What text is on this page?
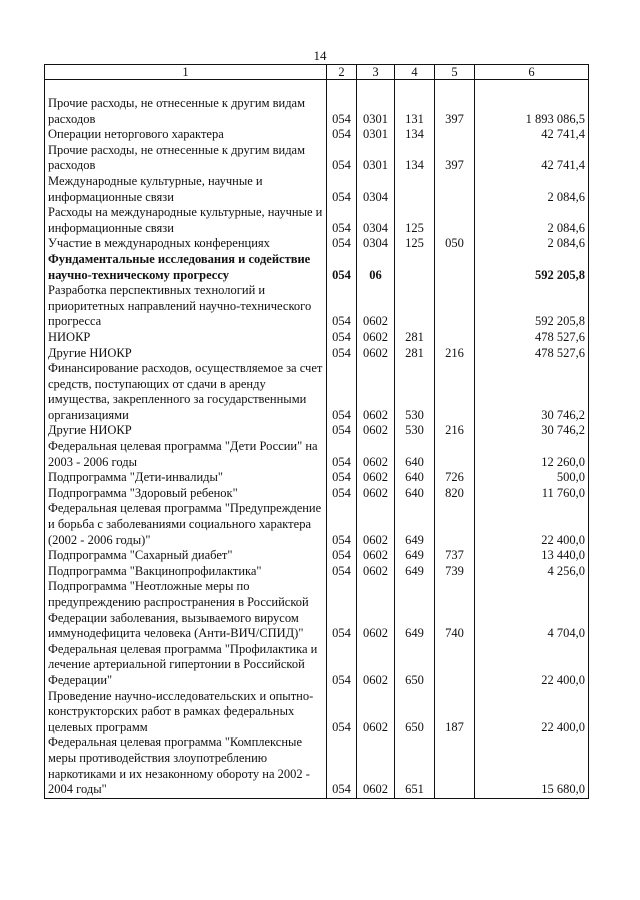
14
1	2	3	4	5	6

Прочие расходы, не отнесенные к другим видам расходов	054	0301	131	397	1 893 086,5
Операции неторгового характера	054	0301	134		42 741,4
Прочие расходы, не отнесенные к другим видам расходов	054	0301	134	397	42 741,4
Международные культурные, научные и информационные связи	054	0304			2 084,6
Расходы на международные культурные, научные и информационные связи	054	0304	125		2 084,6
Участие в международных конференциях	054	0304	125	050	2 084,6
Фундаментальные исследования и содействие научно-техническому прогрессу	054	06			592 205,8
Разработка перспективных технологий и приоритетных направлений научно-технического прогресса	054	0602			592 205,8
НИОКР	054	0602	281		478 527,6
Другие НИОКР	054	0602	281	216	478 527,6
Финансирование расходов, осуществляемое за счет средств, поступающих от сдачи в аренду имущества, закрепленного за государственными организациями	054	0602	530		30 746,2
Другие НИОКР	054	0602	530	216	30 746,2
Федеральная целевая программа "Дети России" на 2003 - 2006 годы	054	0602	640		12 260,0
Подпрограмма "Дети-инвалиды"	054	0602	640	726	500,0
Подпрограмма "Здоровый ребенок"	054	0602	640	820	11 760,0
Федеральная целевая программа "Предупреждение и борьба с заболеваниями социального характера (2002 - 2006 годы)"	054	0602	649		22 400,0
Подпрограмма "Сахарный диабет"	054	0602	649	737	13 440,0
Подпрограмма "Вакцинопрофилактика"	054	0602	649	739	4 256,0
Подпрограмма "Неотложные меры по предупреждению распространения в Российской Федерации заболевания, вызываемого вирусом иммунодефицита человека (Анти-ВИЧ/СПИД)"	054	0602	649	740	4 704,0
Федеральная целевая программа "Профилактика и лечение артериальной гипертонии в Российской Федерации"	054	0602	650		22 400,0
Проведение научно-исследовательских и опытно-конструкторских работ в рамках федеральных целевых программ	054	0602	650	187	22 400,0
Федеральная целевая программа "Комплексные меры противодействия злоупотреблению наркотиками и их незаконному обороту на 2002 - 2004 годы"	054	0602	651		15 680,0
